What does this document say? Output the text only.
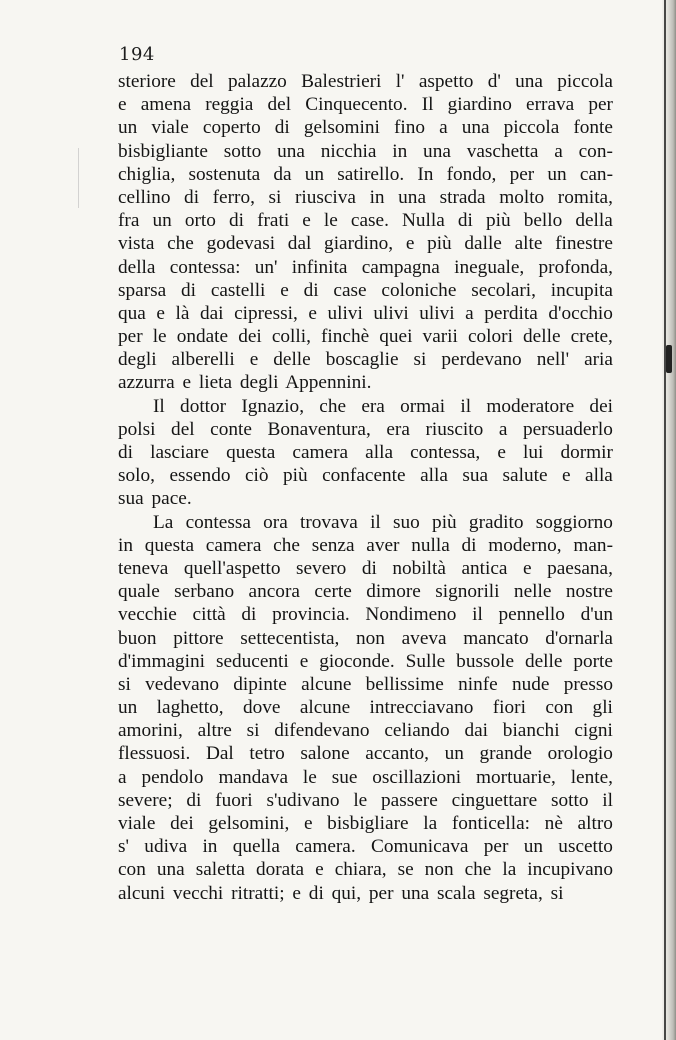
194
steriore del palazzo Balestrieri l' aspetto d' una piccola
e amena reggia del Cinquecento. Il giardino errava per
un viale coperto di gelsomini fino a una piccola fonte
bisbigliante sotto una nicchia in una vaschetta a con-
chiglia, sostenuta da un satirello. In fondo, per un can-
cellino di ferro, si riusciva in una strada molto romita,
fra un orto di frati e le case. Nulla di più bello della
vista che godevasi dal giardino, e più dalle alte finestre
della contessa: un' infinita campagna ineguale, profonda,
sparsa di castelli e di case coloniche secolari, incupita
qua e là dai cipressi, e ulivi ulivi ulivi a perdita d'occhio
per le ondate dei colli, finchè quei varii colori delle crete,
degli alberelli e delle boscaglie si perdevano nell' aria
azzurra e lieta degli Appennini.
Il dottor Ignazio, che era ormai il moderatore dei
polsi del conte Bonaventura, era riuscito a persuaderlo
di lasciare questa camera alla contessa, e lui dormir
solo, essendo ciò più confacente alla sua salute e alla
sua pace.
La contessa ora trovava il suo più gradito soggiorno
in questa camera che senza aver nulla di moderno, man-
teneva quell'aspetto severo di nobiltà antica e paesana,
quale serbano ancora certe dimore signorili nelle nostre
vecchie città di provincia. Nondimeno il pennello d'un
buon pittore settecentista, non aveva mancato d'ornarla
d'immagini seducenti e gioconde. Sulle bussole delle porte
si vedevano dipinte alcune bellissime ninfe nude presso
un laghetto, dove alcune intrecciavano fiori con gli
amorini, altre si difendevano celiando dai bianchi cigni
flessuosi. Dal tetro salone accanto, un grande orologio
a pendolo mandava le sue oscillazioni mortuarie, lente,
severe; di fuori s'udivano le passere cinguettare sotto il
viale dei gelsomini, e bisbigliare la fonticella: nè altro
s' udiva in quella camera. Comunicava per un uscetto
con una saletta dorata e chiara, se non che la incupivano
alcuni vecchi ritratti; e di qui, per una scala segreta, si
